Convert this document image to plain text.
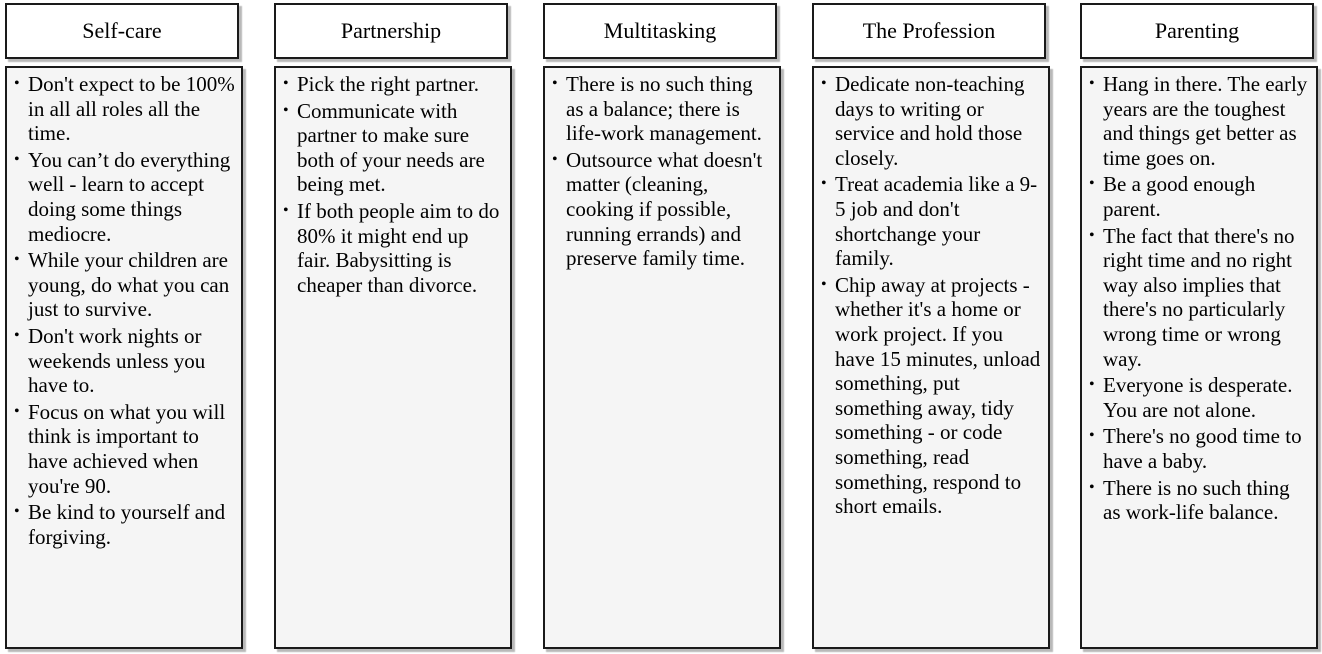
Self-care
• Don't expect to be 100% in all all roles all the time.
• You can’t do everything well - learn to accept doing some things mediocre.
• While your children are young, do what you can just to survive.
• Don't work nights or weekends unless you have to.
• Focus on what you will think is important to have achieved when you're 90.
• Be kind to yourself and forgiving.
Partnership
• Pick the right partner.
• Communicate with partner to make sure both of your needs are being met.
• If both people aim to do 80% it might end up fair. Babysitting is cheaper than divorce.
Multitasking
• There is no such thing as a balance; there is life-work management.
• Outsource what doesn't matter (cleaning, cooking if possible, running errands) and preserve family time.
The Profession
• Dedicate non-teaching days to writing or service and hold those closely.
• Treat academia like a 9-5 job and don't shortchange your family.
• Chip away at projects - whether it's a home or work project. If you have 15 minutes, unload something, put something away, tidy something - or code something, read something, respond to short emails.
Parenting
• Hang in there. The early years are the toughest and things get better as time goes on.
• Be a good enough parent.
• The fact that there's no right time and no right way also implies that there's no particularly wrong time or wrong way.
• Everyone is desperate. You are not alone.
• There's no good time to have a baby.
• There is no such thing as work-life balance.
